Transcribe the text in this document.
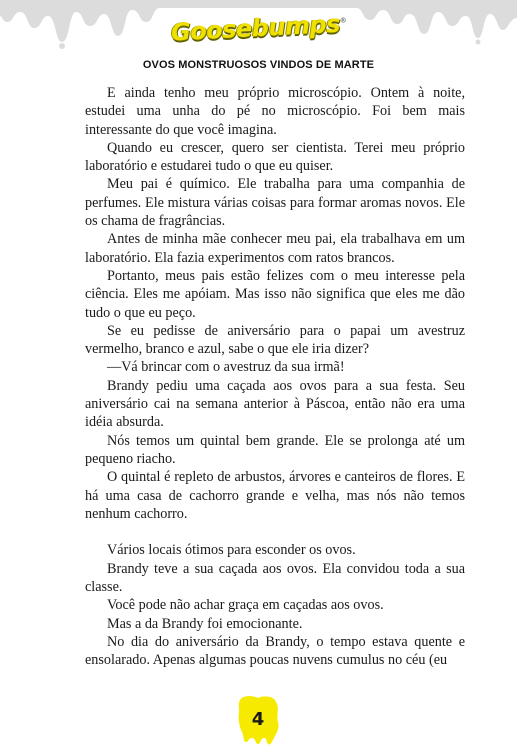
Goosebumps®
OVOS MONSTRUOSOS VINDOS DE MARTE

E ainda tenho meu próprio microscópio. Ontem à noite, estudei uma unha do pé no microscópio. Foi bem mais interessante do que você imagina.

Quando eu crescer, quero ser cientista. Terei meu próprio laboratório e estudarei tudo o que eu quiser.

Meu pai é químico. Ele trabalha para uma companhia de perfumes. Ele mistura várias coisas para formar aromas novos. Ele os chama de fragrâncias.

Antes de minha mãe conhecer meu pai, ela trabalhava em um laboratório. Ela fazia experimentos com ratos brancos.

Portanto, meus pais estão felizes com o meu interesse pela ciência. Eles me apóiam. Mas isso não significa que eles me dão tudo o que eu peço.

Se eu pedisse de aniversário para o papai um avestruz vermelho, branco e azul, sabe o que ele iria dizer?

—Vá brincar com o avestruz da sua irmã!

Brandy pediu uma caçada aos ovos para a sua festa. Seu aniversário cai na semana anterior à Páscoa, então não era uma idéia absurda.

Nós temos um quintal bem grande. Ele se prolonga até um pequeno riacho.

O quintal é repleto de arbustos, árvores e canteiros de flores. E há uma casa de cachorro grande e velha, mas nós não temos nenhum cachorro.

Vários locais ótimos para esconder os ovos.

Brandy teve a sua caçada aos ovos. Ela convidou toda a sua classe.

Você pode não achar graça em caçadas aos ovos.

Mas a da Brandy foi emocionante.

No dia do aniversário da Brandy, o tempo estava quente e ensolarado. Apenas algumas poucas nuvens cumulus no céu (eu

4
